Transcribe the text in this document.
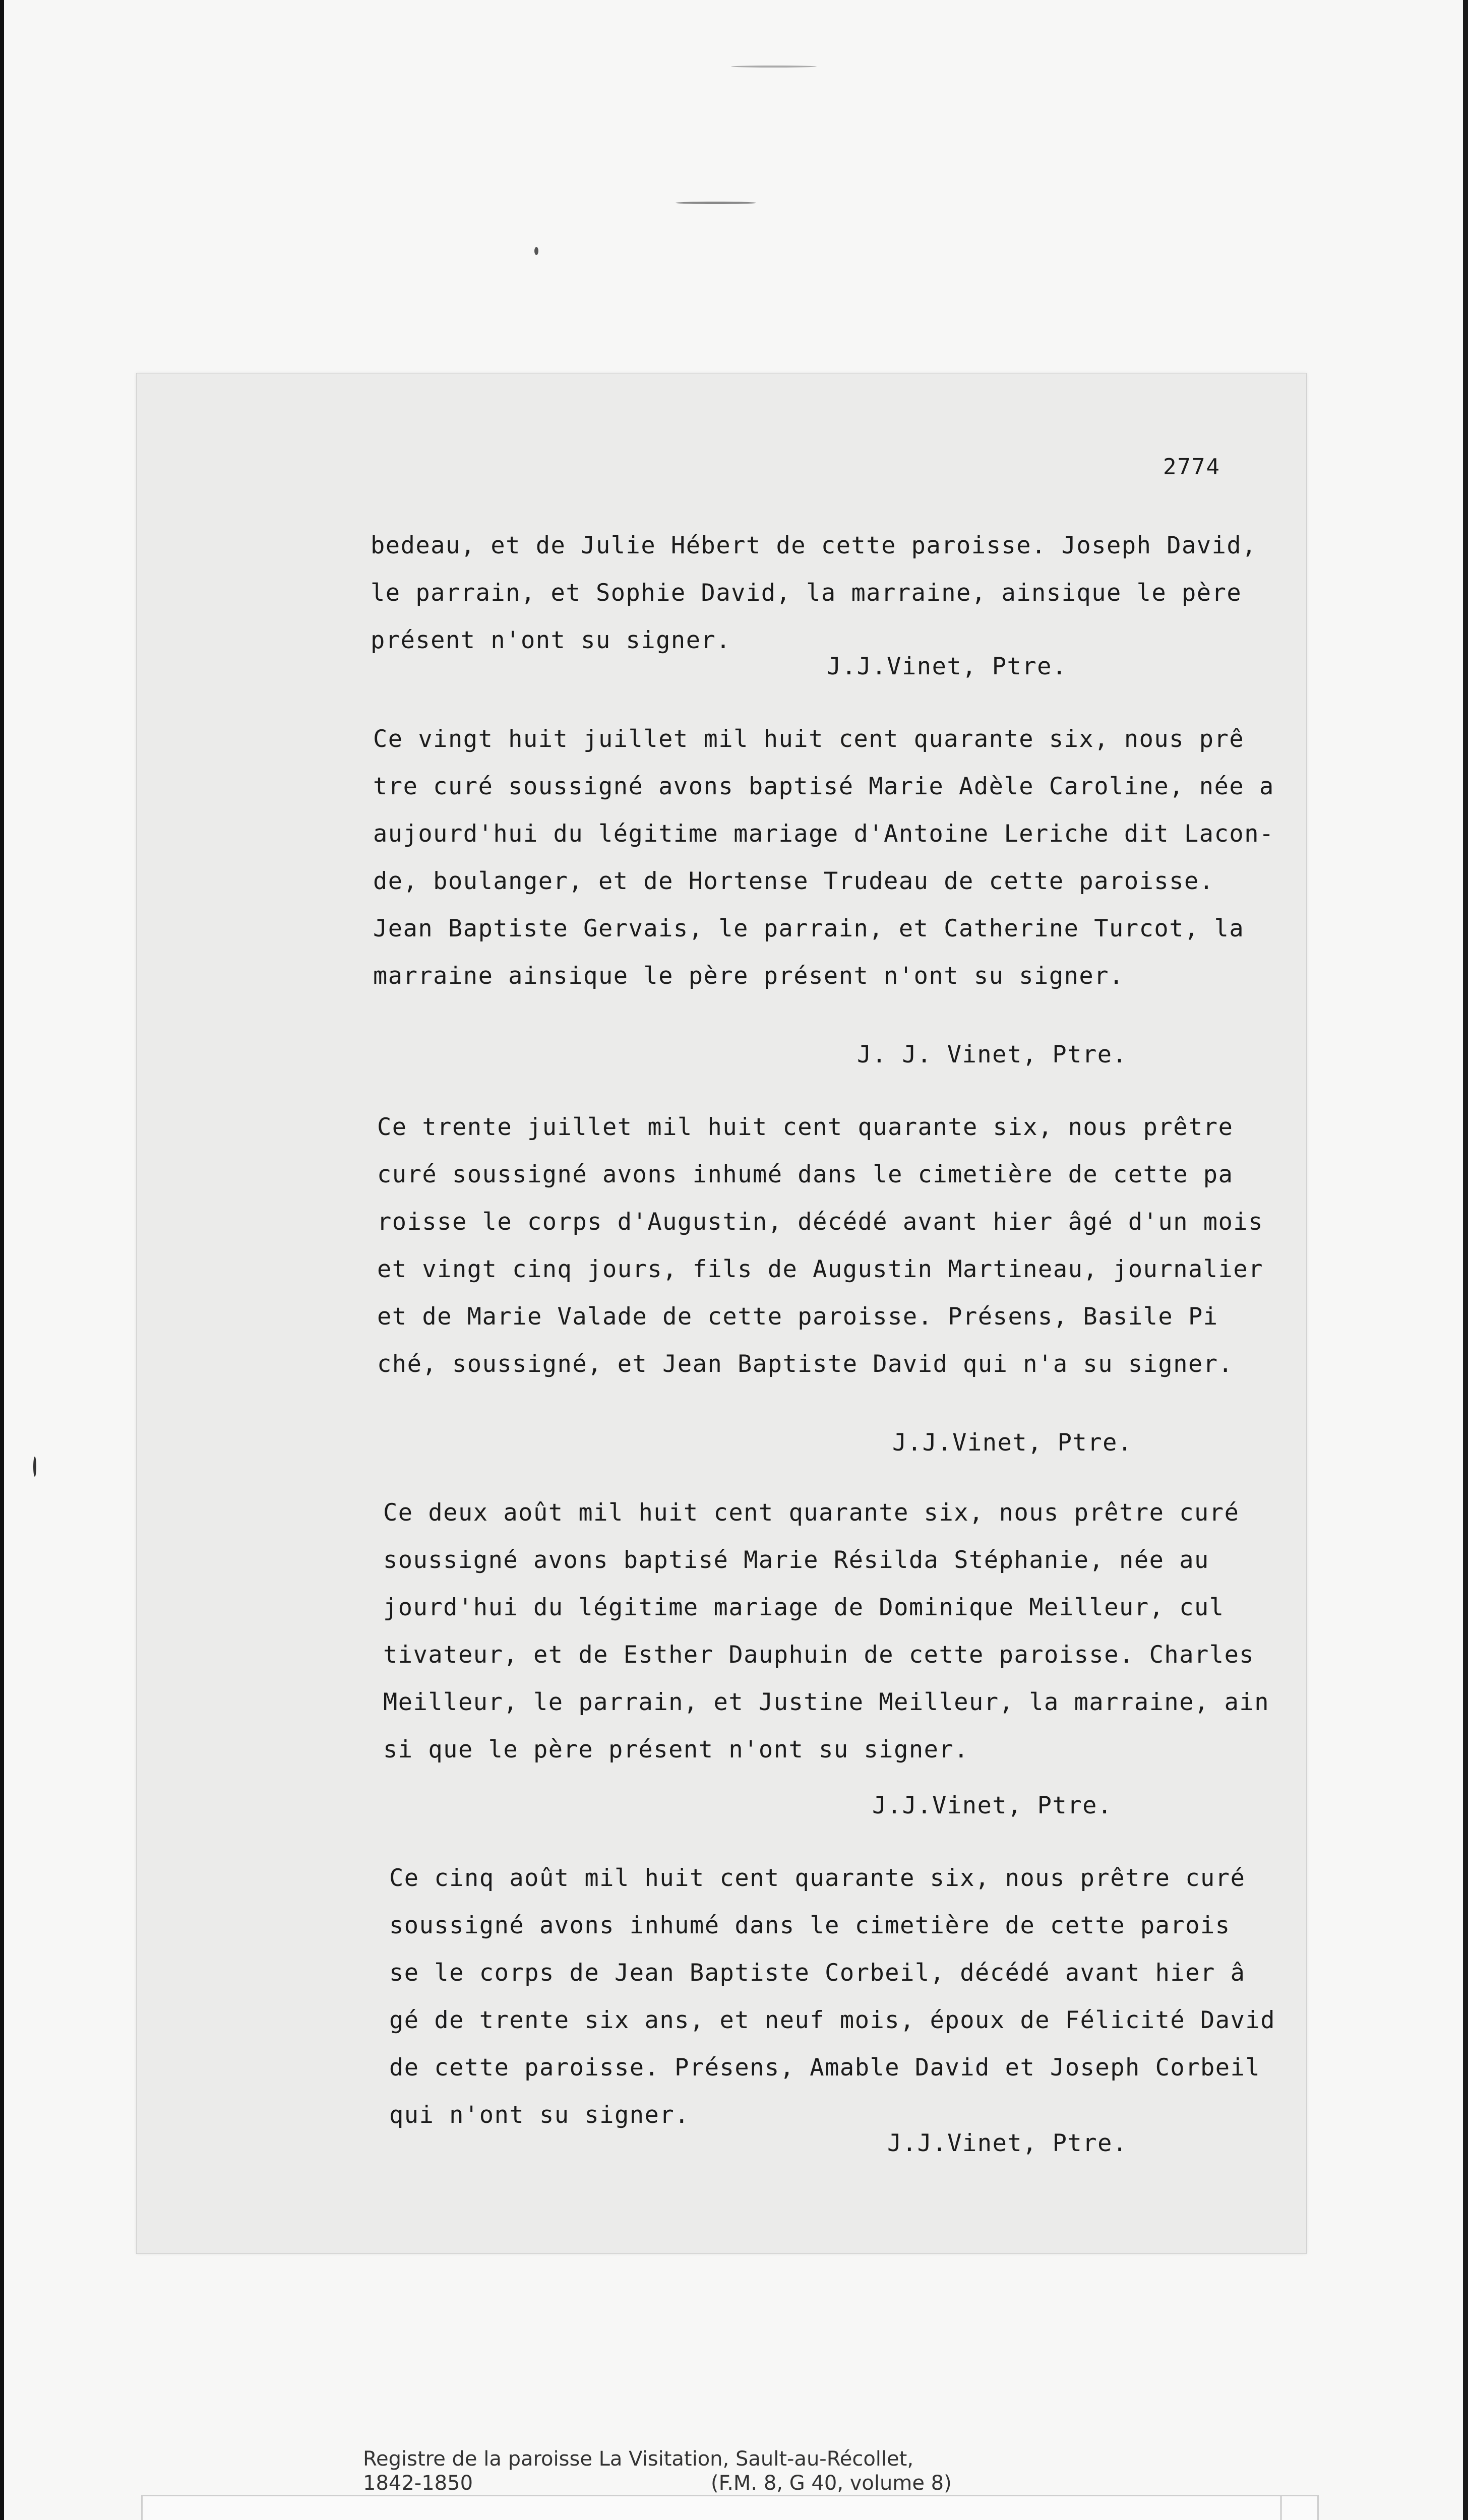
2774
bedeau, et de Julie Hébert de cette paroisse. Joseph David,
le parrain, et Sophie David, la marraine, ainsique le père
présent n'ont su signer.
J.J.Vinet, Ptre.
Ce vingt huit juillet mil huit cent quarante six, nous prê
tre curé soussigné avons baptisé Marie Adèle Caroline, née a
aujourd'hui du légitime mariage d'Antoine Leriche dit Lacon-
de, boulanger, et de Hortense Trudeau de cette paroisse.
Jean Baptiste Gervais, le parrain, et Catherine Turcot, la
marraine ainsique le père présent n'ont su signer.
J. J. Vinet, Ptre.
Ce trente juillet mil huit cent quarante six, nous prêtre
curé soussigné avons inhumé dans le cimetière de cette pa
roisse le corps d'Augustin, décédé avant hier âgé d'un mois
et vingt cinq jours, fils de Augustin Martineau, journalier
et de Marie Valade de cette paroisse. Présens, Basile Pi
ché, soussigné, et Jean Baptiste David qui n'a su signer.
J.J.Vinet, Ptre.
Ce deux août mil huit cent quarante six, nous prêtre curé
soussigné avons baptisé Marie Résilda Stéphanie, née au
jourd'hui du légitime mariage de Dominique Meilleur, cul
tivateur, et de Esther Dauphuin de cette paroisse. Charles
Meilleur, le parrain, et Justine Meilleur, la marraine, ain
si que le père présent n'ont su signer.
J.J.Vinet, Ptre.
Ce cinq août mil huit cent quarante six, nous prêtre curé
soussigné avons inhumé dans le cimetière de cette parois
se le corps de Jean Baptiste Corbeil, décédé avant hier â
gé de trente six ans, et neuf mois, époux de Félicité David
de cette paroisse. Présens, Amable David et Joseph Corbeil
qui n'ont su signer.
J.J.Vinet, Ptre.
Registre de la paroisse La Visitation, Sault-au-Récollet,
1842-1850	(F.M. 8, G 40, volume 8)
